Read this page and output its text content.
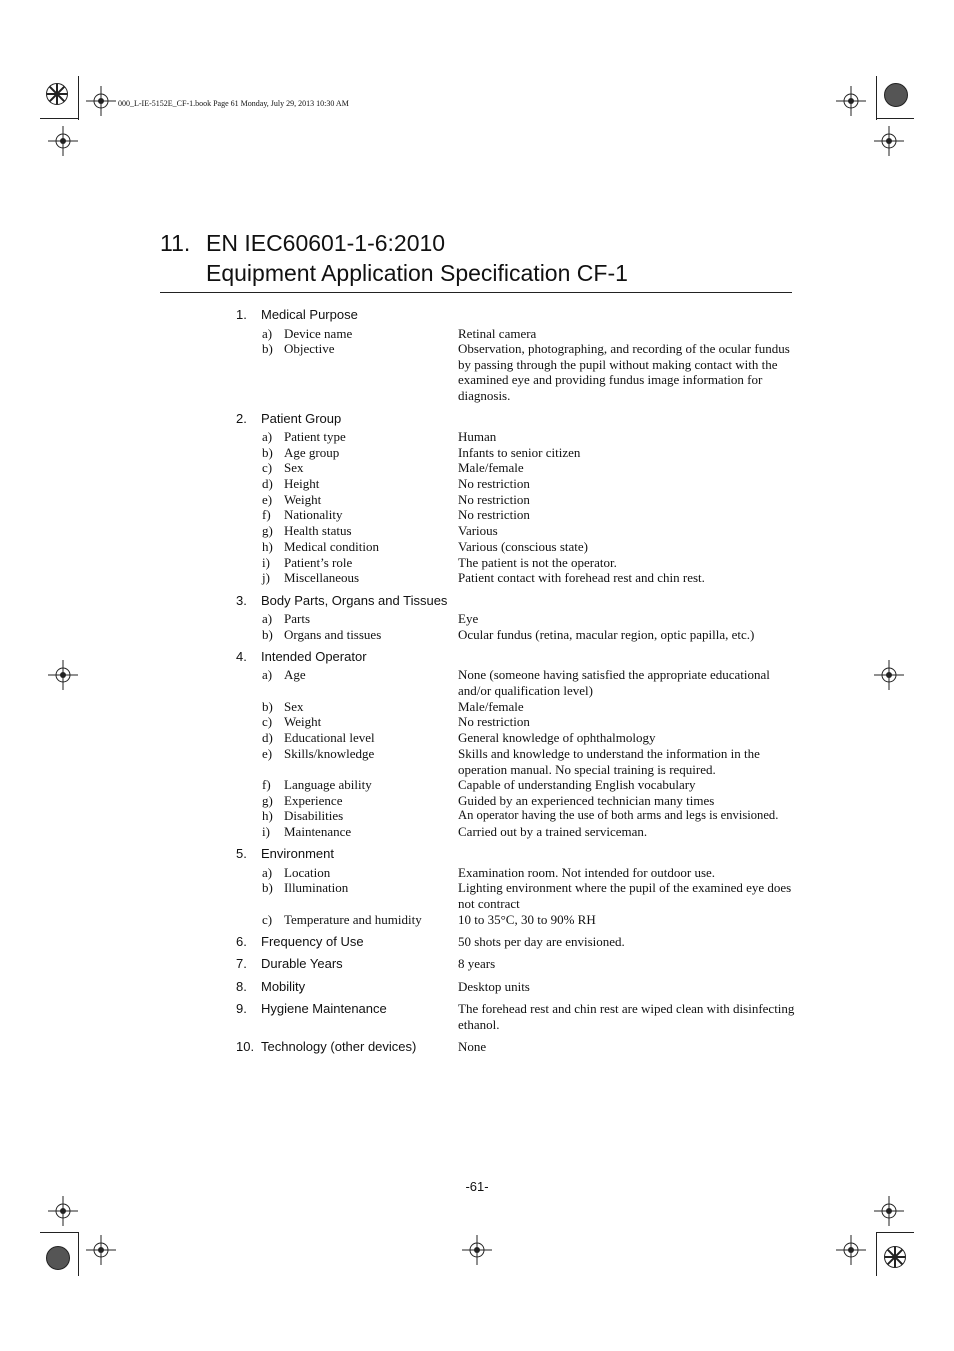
000_L-IE-5152E_CF-1.book Page 61 Monday, July 29, 2013 10:30 AM
11. EN IEC60601-1-6:2010
Equipment Application Specification CF-1
1. Medical Purpose
a) Device name	Retinal camera
b) Objective	Observation, photographing, and recording of the ocular fundus by passing through the pupil without making contact with the examined eye and providing fundus image information for diagnosis.
2. Patient Group
a) Patient type	Human
b) Age group	Infants to senior citizen
c) Sex	Male/female
d) Height	No restriction
e) Weight	No restriction
f) Nationality	No restriction
g) Health status	Various
h) Medical condition	Various (conscious state)
i) Patient’s role	The patient is not the operator.
j) Miscellaneous	Patient contact with forehead rest and chin rest.
3. Body Parts, Organs and Tissues
a) Parts	Eye
b) Organs and tissues	Ocular fundus (retina, macular region, optic papilla, etc.)
4. Intended Operator
a) Age	None (someone having satisfied the appropriate educational and/or qualification level)
b) Sex	Male/female
c) Weight	No restriction
d) Educational level	General knowledge of ophthalmology
e) Skills/knowledge	Skills and knowledge to understand the information in the operation manual. No special training is required.
f) Language ability	Capable of understanding English vocabulary
g) Experience	Guided by an experienced technician many times
h) Disabilities	An operator having the use of both arms and legs is envisioned.
i) Maintenance	Carried out by a trained serviceman.
5. Environment
a) Location	Examination room. Not intended for outdoor use.
b) Illumination	Lighting environment where the pupil of the examined eye does not contract
c) Temperature and humidity	10 to 35°C, 30 to 90% RH
6. Frequency of Use	50 shots per day are envisioned.
7. Durable Years	8 years
8. Mobility	Desktop units
9. Hygiene Maintenance	The forehead rest and chin rest are wiped clean with disinfecting ethanol.
10. Technology (other devices)	None
-61-
